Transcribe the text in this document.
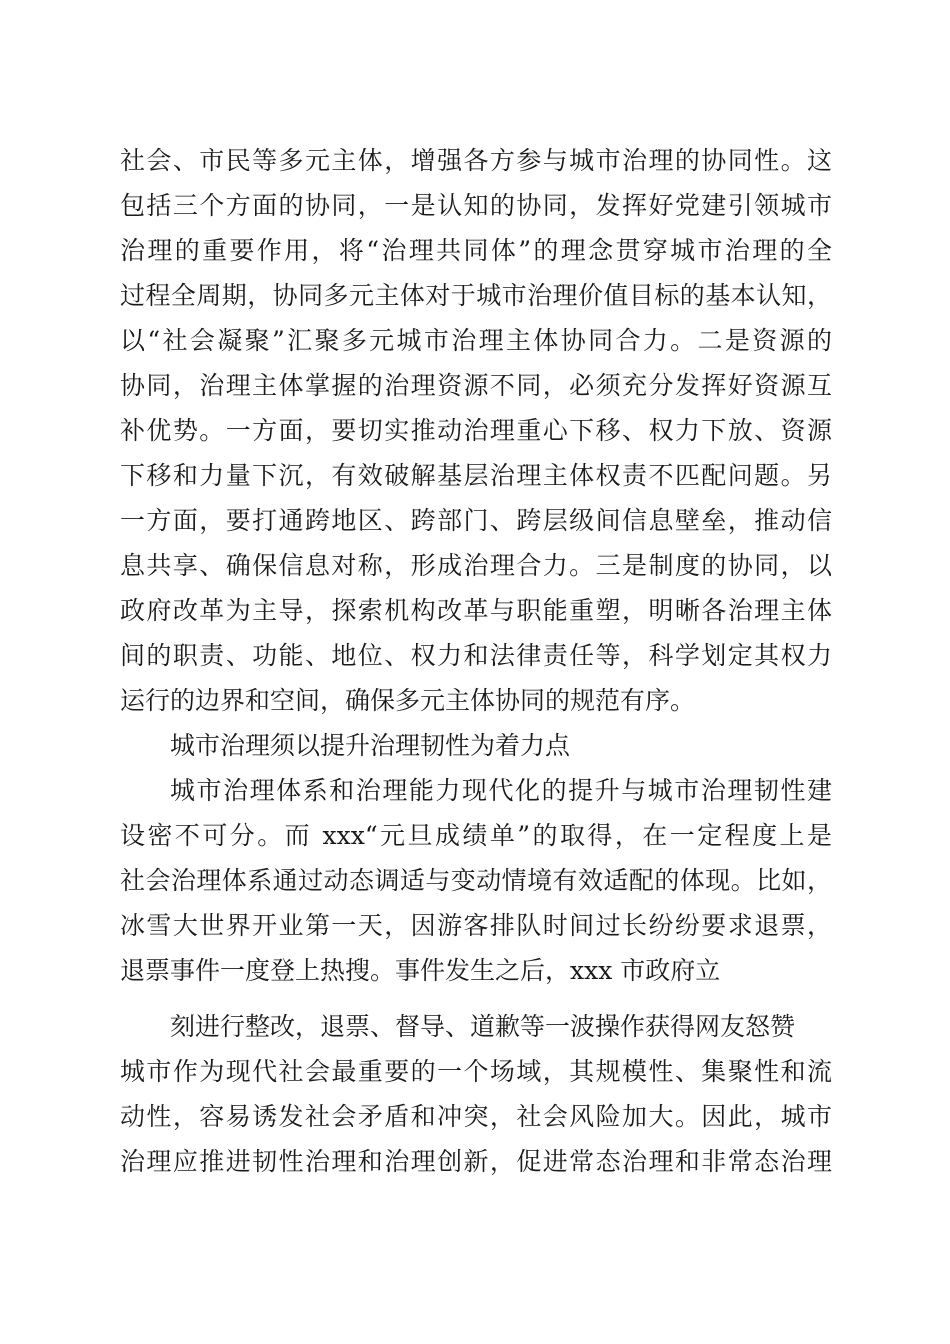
社会、市民等多元主体，增强各方参与城市治理的协同性。这
包括三个方面的协同，一是认知的协同，发挥好党建引领城市
治理的重要作用，将“治理共同体”的理念贯穿城市治理的全
过程全周期，协同多元主体对于城市治理价值目标的基本认知，
以“社会凝聚”汇聚多元城市治理主体协同合力。二是资源的
协同，治理主体掌握的治理资源不同，必须充分发挥好资源互
补优势。一方面，要切实推动治理重心下移、权力下放、资源
下移和力量下沉，有效破解基层治理主体权责不匹配问题。另
一方面，要打通跨地区、跨部门、跨层级间信息壁垒，推动信
息共享、确保信息对称，形成治理合力。三是制度的协同，以
政府改革为主导，探索机构改革与职能重塑，明晰各治理主体
间的职责、功能、地位、权力和法律责任等，科学划定其权力
运行的边界和空间，确保多元主体协同的规范有序。
城市治理须以提升治理韧性为着力点
城市治理体系和治理能力现代化的提升与城市治理韧性建
设密不可分。而 xxx“元旦成绩单”的取得，在一定程度上是
社会治理体系通过动态调适与变动情境有效适配的体现。比如，
冰雪大世界开业第一天，因游客排队时间过长纷纷要求退票，
退票事件一度登上热搜。事件发生之后，xxx 市政府立
刻进行整改，退票、督导、道歉等一波操作获得网友怒赞
城市作为现代社会最重要的一个场域，其规模性、集聚性和流
动性，容易诱发社会矛盾和冲突，社会风险加大。因此，城市
治理应推进韧性治理和治理创新，促进常态治理和非常态治理
